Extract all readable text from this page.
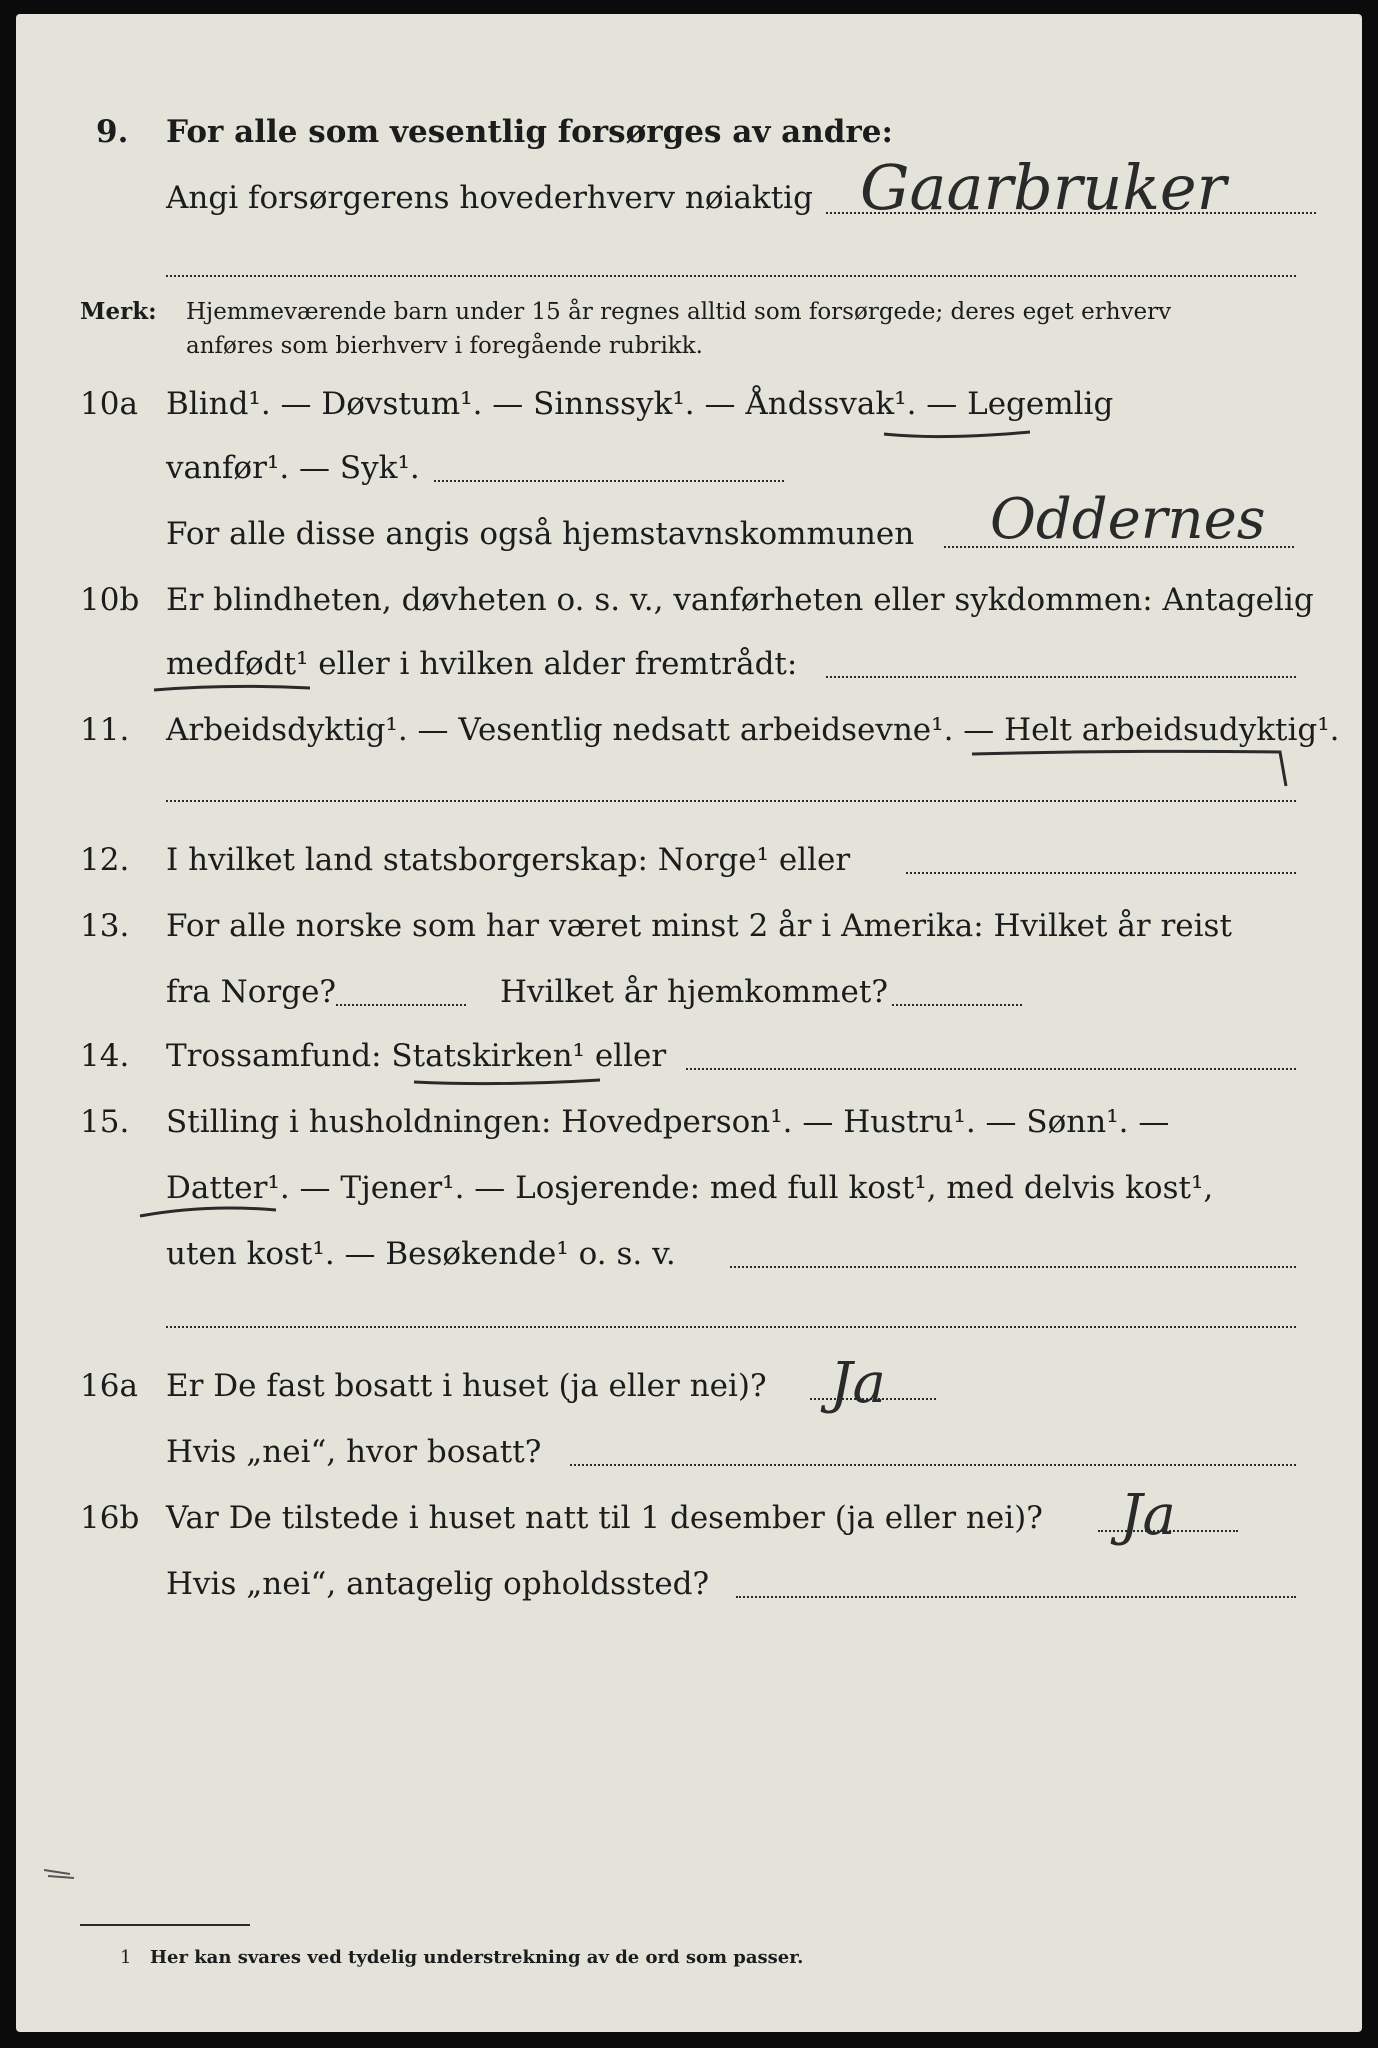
9. For alle som vesentlig forsørges av andre:
Angi forsørgerens hovederhverv nøiaktig Gaarbruker
Merk: Hjemmeværende barn under 15 år regnes alltid som forsørgede; deres eget erhverv
anføres som bierhverv i foregående rubrikk.
10a Blind¹. — Døvstum¹. — Sinnssyk¹. — Åndssvak¹. — Legemlig
vanfør¹. — Syk¹.
For alle disse angis også hjemstavnskommunen Oddernes
10b Er blindheten, døvheten o. s. v., vanførheten eller sykdommen: Antagelig
medfødt¹ eller i hvilken alder fremtrådt:
11. Arbeidsdyktig¹. — Vesentlig nedsatt arbeidsevne¹. — Helt arbeidsudyktig¹.
12. I hvilket land statsborgerskap: Norge¹ eller
13. For alle norske som har været minst 2 år i Amerika: Hvilket år reist
fra Norge?	Hvilket år hjemkommet?
14. Trossamfund: Statskirken¹ eller
15. Stilling i husholdningen: Hovedperson¹. — Hustru¹. — Sønn¹. —
Datter¹. — Tjener¹. — Losjerende: med full kost¹, med delvis kost¹,
uten kost¹. — Besøkende¹ o. s. v.
16a Er De fast bosatt i huset (ja eller nei)? Ja
Hvis „nei“, hvor bosatt?
16b Var De tilstede i huset natt til 1 desember (ja eller nei)? Ja
Hvis „nei“, antagelig opholdssted?
1 Her kan svares ved tydelig understrekning av de ord som passer.
